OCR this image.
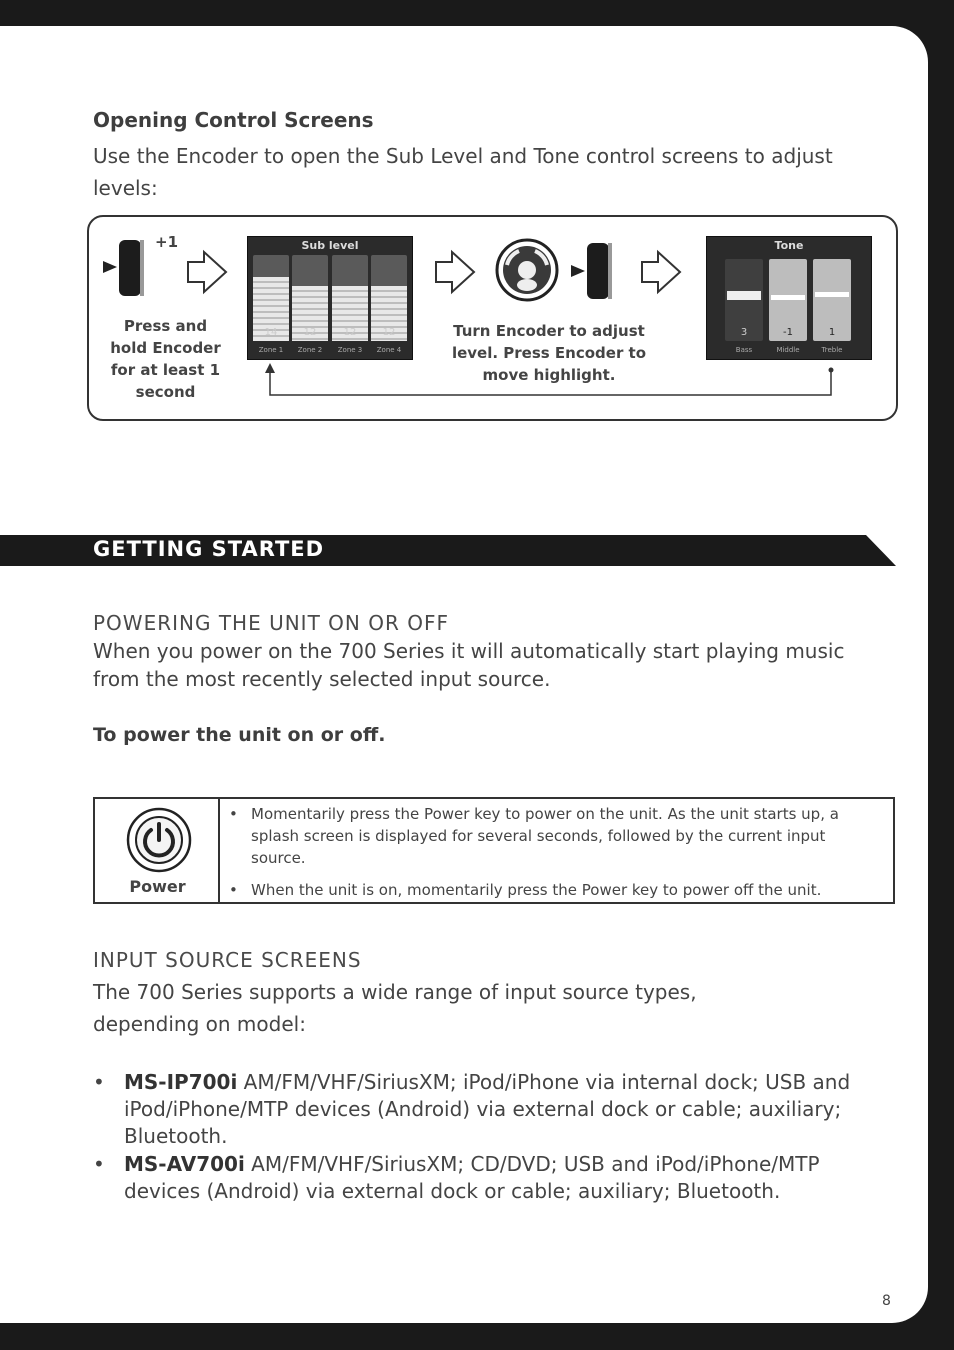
Opening Control Screens
Use the Encoder to open the Sub Level and Tone control screens to adjust levels:
+1
Press and hold Encoder for at least 1 second
Turn Encoder to adjust level. Press Encoder to move highlight.
Sub level
14	12	12	12
Zone 1	Zone 2	Zone 3	Zone 4
Tone
3	-1	1
Bass	Middle	Treble
GETTING STARTED
POWERING THE UNIT ON OR OFF
When you power on the 700 Series it will automatically start playing music from the most recently selected input source.
To power the unit on or off.
Power
• Momentarily press the Power key to power on the unit. As the unit starts up, a splash screen is displayed for several seconds, followed by the current input source.
• When the unit is on, momentarily press the Power key to power off the unit.
INPUT SOURCE SCREENS
The 700 Series supports a wide range of input source types,
depending on model:
• MS-IP700i AM/FM/VHF/SiriusXM; iPod/iPhone via internal dock; USB and iPod/iPhone/MTP devices (Android) via external dock or cable; auxiliary; Bluetooth.
• MS-AV700i AM/FM/VHF/SiriusXM; CD/DVD; USB and iPod/iPhone/MTP devices (Android) via external dock or cable; auxiliary; Bluetooth.
8
